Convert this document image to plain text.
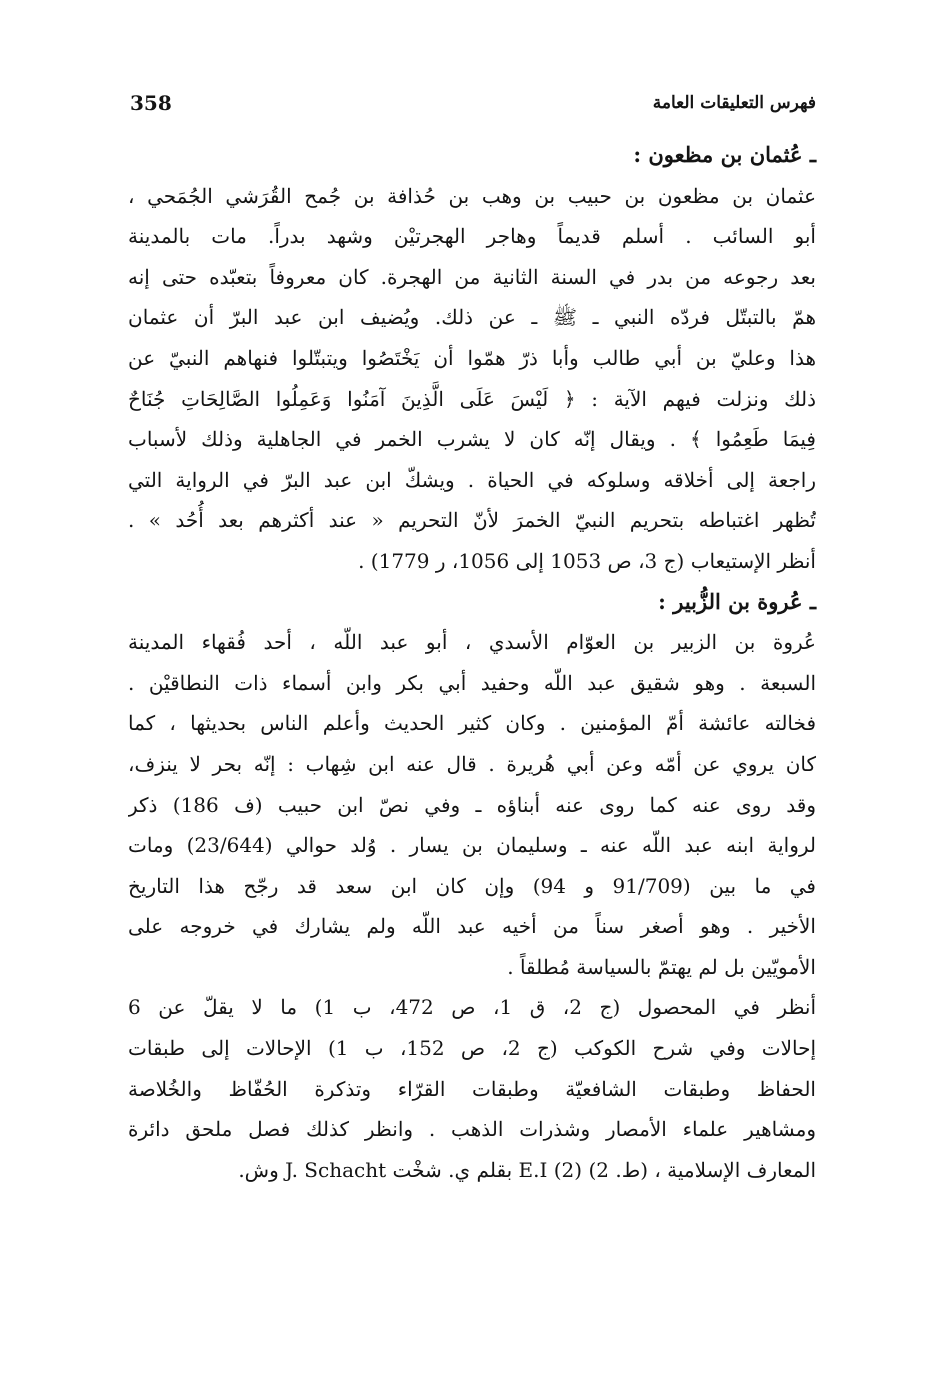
فهرس التعليقات العامة
358
ـ عُثمان بن مظعون :
عثمان بن مظعون بن حبيب بن وهب بن حُذافة بن جُمح القُرَشي الجُمَحي ،
أبو السائب . أسلم قديماً وهاجر الهجرتيْن وشهد بدراً. مات بالمدينة
بعد رجوعه من بدر في السنة الثانية من الهجرة. كان معروفاً بتعبّده حتى إنه
همّ بالتبتّل فردّه النبي ـ ﷺ ـ عن ذلك. ويُضيف ابن عبد البرّ أن عثمان
هذا وعليّ بن أبي طالب وأبا ذرّ همّوا أن يَخْتَصُوا ويتبتّلوا فنهاهم النبيّ عن
ذلك ونزلت فيهم الآية : ﴿ لَيْسَ عَلَى الَّذِينَ آمَنُوا وَعَمِلُوا الصَّالِحَاتِ جُنَاحٌ
فِيمَا طَعِمُوا ﴾ . ويقال إنّه كان لا يشرب الخمر في الجاهلية وذلك لأسباب
راجعة إلى أخلاقه وسلوكه في الحياة . ويشكّ ابن عبد البرّ في الرواية التي
تُظهر اغتباطه بتحريم النبيّ الخمرَ لأنّ التحريم « عند أكثرهم بعد أُحُد » .
أنظر الإستيعاب (ج 3، ص 1053 إلى 1056، ر 1779) .
ـ عُروة بن الزُّبير :
عُروة بن الزبير بن العوّام الأسدي ، أبو عبد اللّه ، أحد فُقهاء المدينة
السبعة . وهو شقيق عبد اللّه وحفيد أبي بكر وابن أسماء ذات النطاقيْن .
فخالته عائشة أمّ المؤمنين . وكان كثير الحديث وأعلم الناس بحديثها ، كما
كان يروي عن أمّه وعن أبي هُريرة . قال عنه ابن شِهاب : إنّه بحر لا ينزف،
وقد روى عنه كما روى عنه أبناؤه ـ وفي نصّ ابن حبيب (ف 186) ذكر
لرواية ابنه عبد اللّه عنه ـ وسليمان بن يسار . وُلد حوالي (23/644) ومات
في ما بين (91/709 و 94) وإن كان ابن سعد قد رجّح هذا التاريخ
الأخير . وهو أصغر سناً من أخيه عبد اللّه ولم يشارك في خروجه على
الأمويّين بل لم يهتمّ بالسياسة مُطلقاً .
أنظر في المحصول (ج 2، ق 1، ص 472، ب 1) ما لا يقلّ عن 6
إحالات وفي شرح الكوكب (ج 2، ص 152، ب 1) الإحالات إلى طبقات
الحفاظ وطبقات الشافعيّة وطبقات القرّاء وتذكرة الحُفّاظ والخُلاصة
ومشاهير علماء الأمصار وشذرات الذهب . وانظر كذلك فصل ملحق دائرة
المعارف الإسلامية ، (ط. 2) (2) E.I بقلم ي. شخْت J. Schacht وش.
